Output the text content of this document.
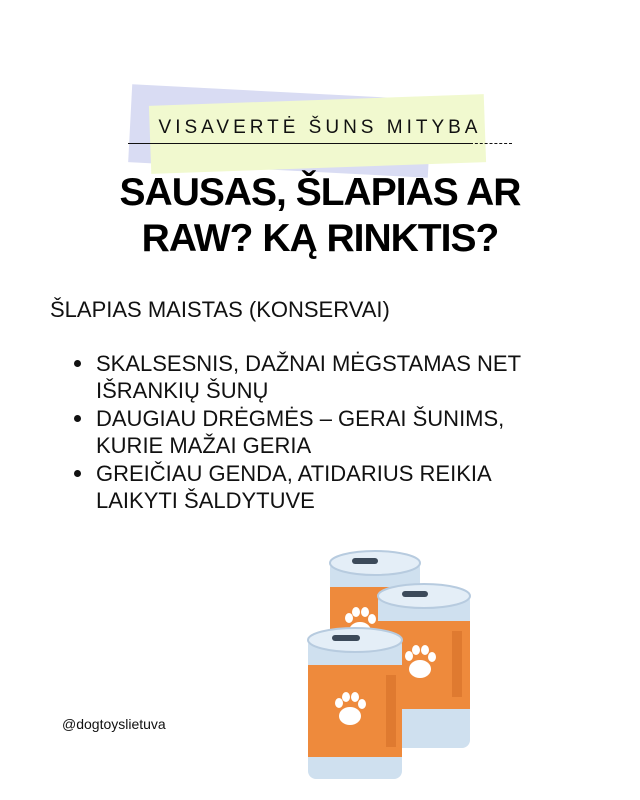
VISAVERTĖ ŠUNS MITYBA
SAUSAS, ŠLAPIAS AR
RAW? KĄ RINKTIS?
ŠLAPIAS MAISTAS (KONSERVAI)
SKALSESNIS, DAŽNAI MĖGSTAMAS NET
IŠRANKIŲ ŠUNŲ
DAUGIAU DRĖGMĖS – GERAI ŠUNIMS,
KURIE MAŽAI GERIA
GREIČIAU GENDA, ATIDARIUS REIKIA
LAIKYTI ŠALDYTUVE
@dogtoyslietuva
